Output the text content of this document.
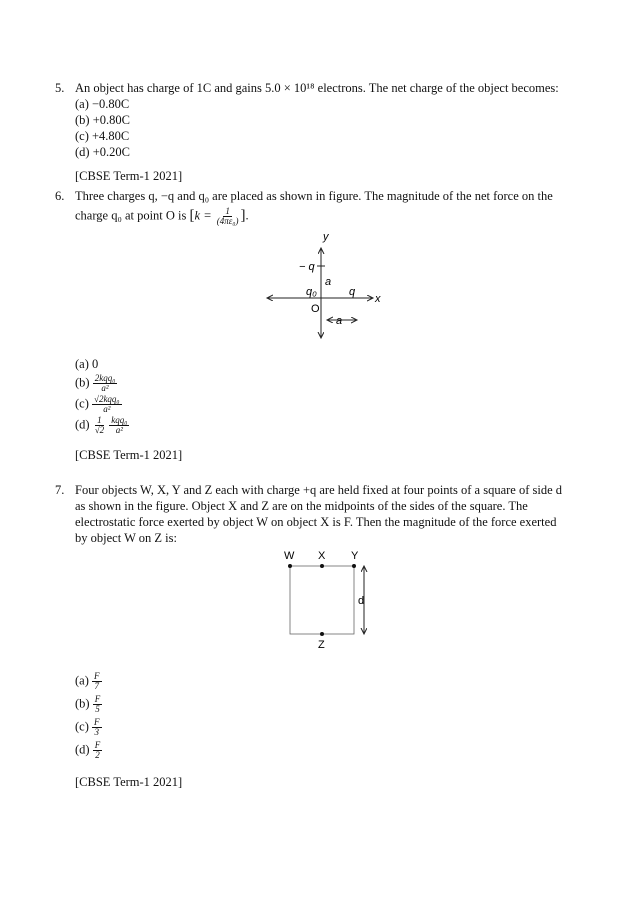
5. An object has charge of 1C and gains 5.0 × 10¹⁸ electrons. The net charge of the object becomes:
(a) −0.80C
(b) +0.80C
(c) +4.80C
(d) +0.20C
[CBSE Term-1 2021]
6. Three charges q, −q and q₀ are placed as shown in figure. The magnitude of the net force on the
charge q₀ at point O is [$k = \frac{1}{\text{(4πε₀)}}$ ].
y
x
− q
a
q₀	q
O
a
(a) 0
$(b) \frac{\text{2kqq₀}}{\text{a²}}$
$(c) \frac{\text{√2kqq₀}}{\text{a²}}$
$(d) \frac{1}{√2}$
$\frac{\text{kqq₀}}{\text{a²}}$
[CBSE Term-1 2021]
7. Four objects W, X, Y and Z each with charge +q are held fixed at four points of a square of side d
as shown in the figure. Object X and Z are on the midpoints of the sides of the square. The
electrostatic force exerted by object W on object X is F. Then the magnitude of the force exerted
by object W on Z is:
W X Y
Z
d
$(a) \frac{F}{7}$
$(b) \frac{F}{5}$
$(c) \frac{F}{3}$
$(d) \frac{F}{2}$
[CBSE Term-1 2021]
